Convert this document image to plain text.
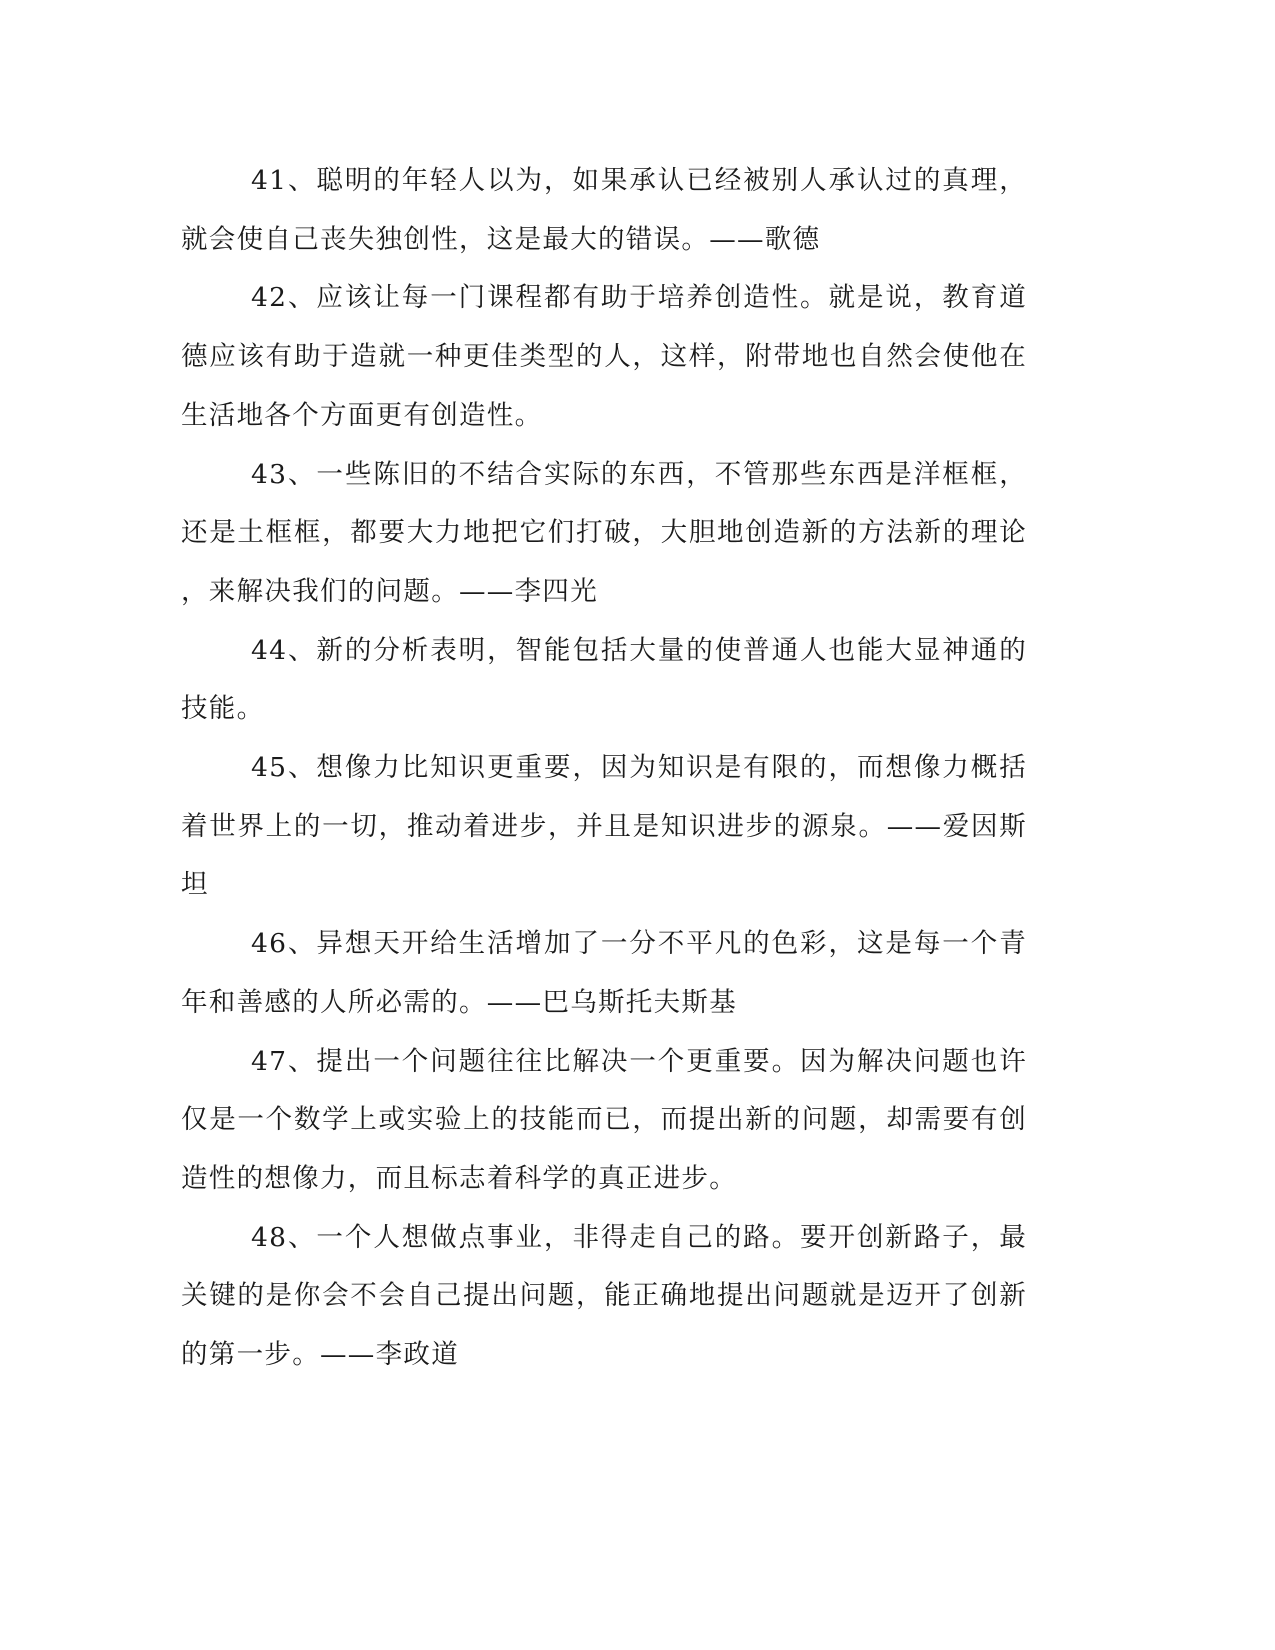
41、聪明的年轻人以为，如果承认已经被别人承认过的真理，就会使自己丧失独创性，这是最大的错误。——歌德

42、应该让每一门课程都有助于培养创造性。就是说，教育道德应该有助于造就一种更佳类型的人，这样，附带地也自然会使他在生活地各个方面更有创造性。

43、一些陈旧的不结合实际的东西，不管那些东西是洋框框，还是土框框，都要大力地把它们打破，大胆地创造新的方法新的理论，来解决我们的问题。——李四光

44、新的分析表明，智能包括大量的使普通人也能大显神通的技能。

45、想像力比知识更重要，因为知识是有限的，而想像力概括着世界上的一切，推动着进步，并且是知识进步的源泉。——爱因斯坦

46、异想天开给生活增加了一分不平凡的色彩，这是每一个青年和善感的人所必需的。——巴乌斯托夫斯基

47、提出一个问题往往比解决一个更重要。因为解决问题也许仅是一个数学上或实验上的技能而已，而提出新的问题，却需要有创造性的想像力，而且标志着科学的真正进步。

48、一个人想做点事业，非得走自己的路。要开创新路子，最关键的是你会不会自己提出问题，能正确地提出问题就是迈开了创新的第一步。——李政道
